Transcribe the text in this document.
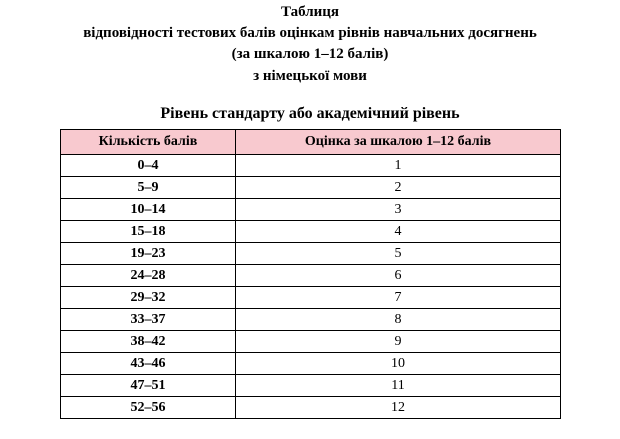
Таблиця
відповідності тестових балів оцінкам рівнів навчальних досягнень
(за шкалою 1–12 балів)
з німецької мови
Рівень стандарту або академічний рівень
Кількість балів	Оцінка за шкалою 1–12 балів
0–4	1
5–9	2
10–14	3
15–18	4
19–23	5
24–28	6
29–32	7
33–37	8
38–42	9
43–46	10
47–51	11
52–56	12
